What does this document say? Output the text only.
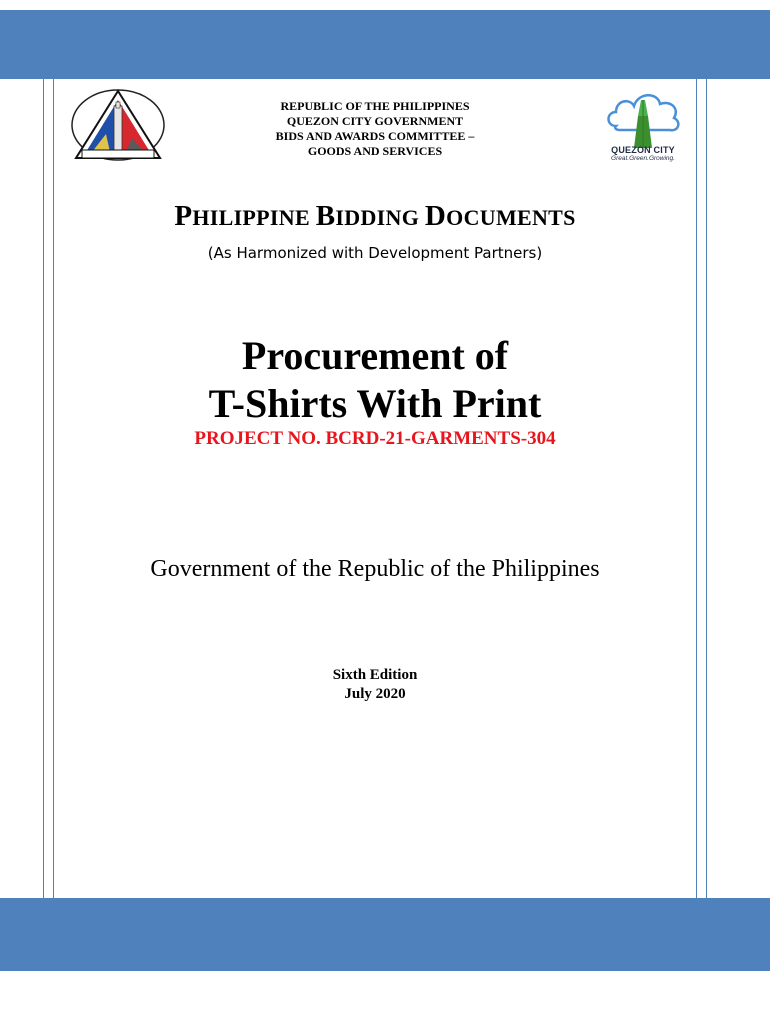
QUEZON CITY
Great.Green.Growing.
REPUBLIC OF THE PHILIPPINES
QUEZON CITY GOVERNMENT
BIDS AND AWARDS COMMITTEE –
GOODS AND SERVICES
PHILIPPINE BIDDING DOCUMENTS
(As Harmonized with Development Partners)
Procurement of
T-Shirts With Print
PROJECT NO. BCRD-21-GARMENTS-304
Government of the Republic of the Philippines
Sixth Edition
July 2020
